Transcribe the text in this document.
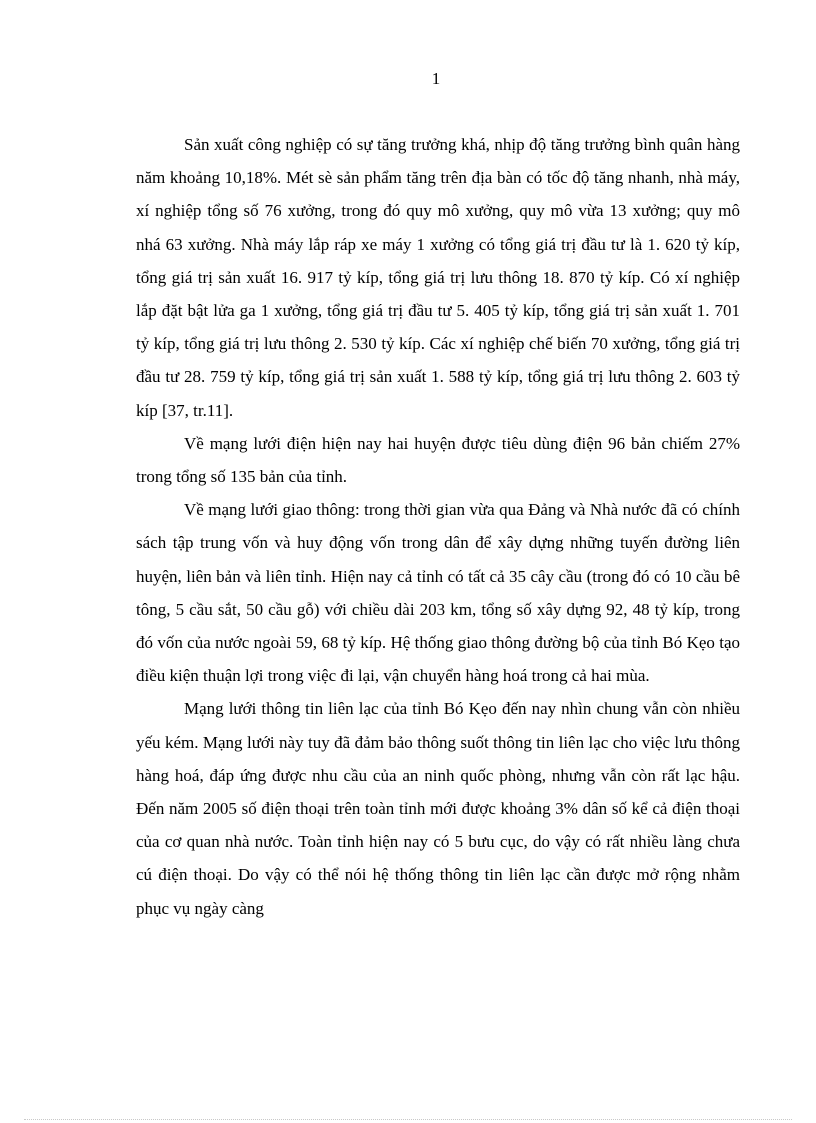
1

Sản xuất công nghiệp có sự tăng trưởng khá, nhịp độ tăng trưởng bình quân hàng năm khoảng 10,18%. Mét sè sản phẩm tăng trên địa bàn có tốc độ tăng nhanh, nhà máy, xí nghiệp tổng số 76 xưởng, trong đó quy mô xưởng, quy mô vừa 13 xưởng; quy mô nhá 63 xưởng. Nhà máy lắp ráp xe máy 1 xưởng có tổng giá trị đầu tư là 1. 620 tỷ kíp, tổng giá trị sản xuất 16. 917 tỷ kíp, tổng giá trị lưu thông 18. 870 tỷ kíp. Có xí nghiệp lắp đặt bật lửa ga 1 xưởng, tổng giá trị đầu tư 5. 405 tỷ kíp, tổng giá trị sản xuất 1. 701 tỷ kíp, tổng giá trị lưu thông 2. 530 tỷ kíp. Các xí nghiệp chế biến 70 xưởng, tổng giá trị đầu tư 28. 759 tỷ kíp, tổng giá trị sản xuất 1. 588 tỷ kíp, tổng giá trị lưu thông 2. 603 tỷ kíp [37, tr.11].

Về mạng lưới điện hiện nay hai huyện được tiêu dùng điện 96 bản chiếm 27% trong tổng số 135 bản của tỉnh.

Về mạng lưới giao thông: trong thời gian vừa qua Đảng và Nhà nước đã có chính sách tập trung vốn và huy động vốn trong dân để xây dựng những tuyến đường liên huyện, liên bản và liên tỉnh. Hiện nay cả tỉnh có tất cả 35 cây cầu (trong đó có 10 cầu bê tông, 5 cầu sắt, 50 cầu gỗ) với chiều dài 203 km, tổng số xây dựng 92, 48 tỷ kíp, trong đó vốn của nước ngoài 59, 68 tỷ kíp. Hệ thống giao thông đường bộ của tỉnh Bó Kẹo tạo điều kiện thuận lợi trong việc đi lại, vận chuyển hàng hoá trong cả hai mùa.

Mạng lưới thông tin liên lạc của tỉnh Bó Kẹo đến nay nhìn chung vẫn còn nhiều yếu kém. Mạng lưới này tuy đã đảm bảo thông suốt thông tin liên lạc cho việc lưu thông hàng hoá, đáp ứng được nhu cầu của an ninh quốc phòng, nhưng vẫn còn rất lạc hậu. Đến năm 2005 số điện thoại trên toàn tỉnh mới được khoảng 3% dân số kể cả điện thoại của cơ quan nhà nước. Toàn tỉnh hiện nay có 5 bưu cục, do vậy có rất nhiều làng chưa cú điện thoại. Do vậy có thể nói hệ thống thông tin liên lạc cần được mở rộng nhằm phục vụ ngày càng
